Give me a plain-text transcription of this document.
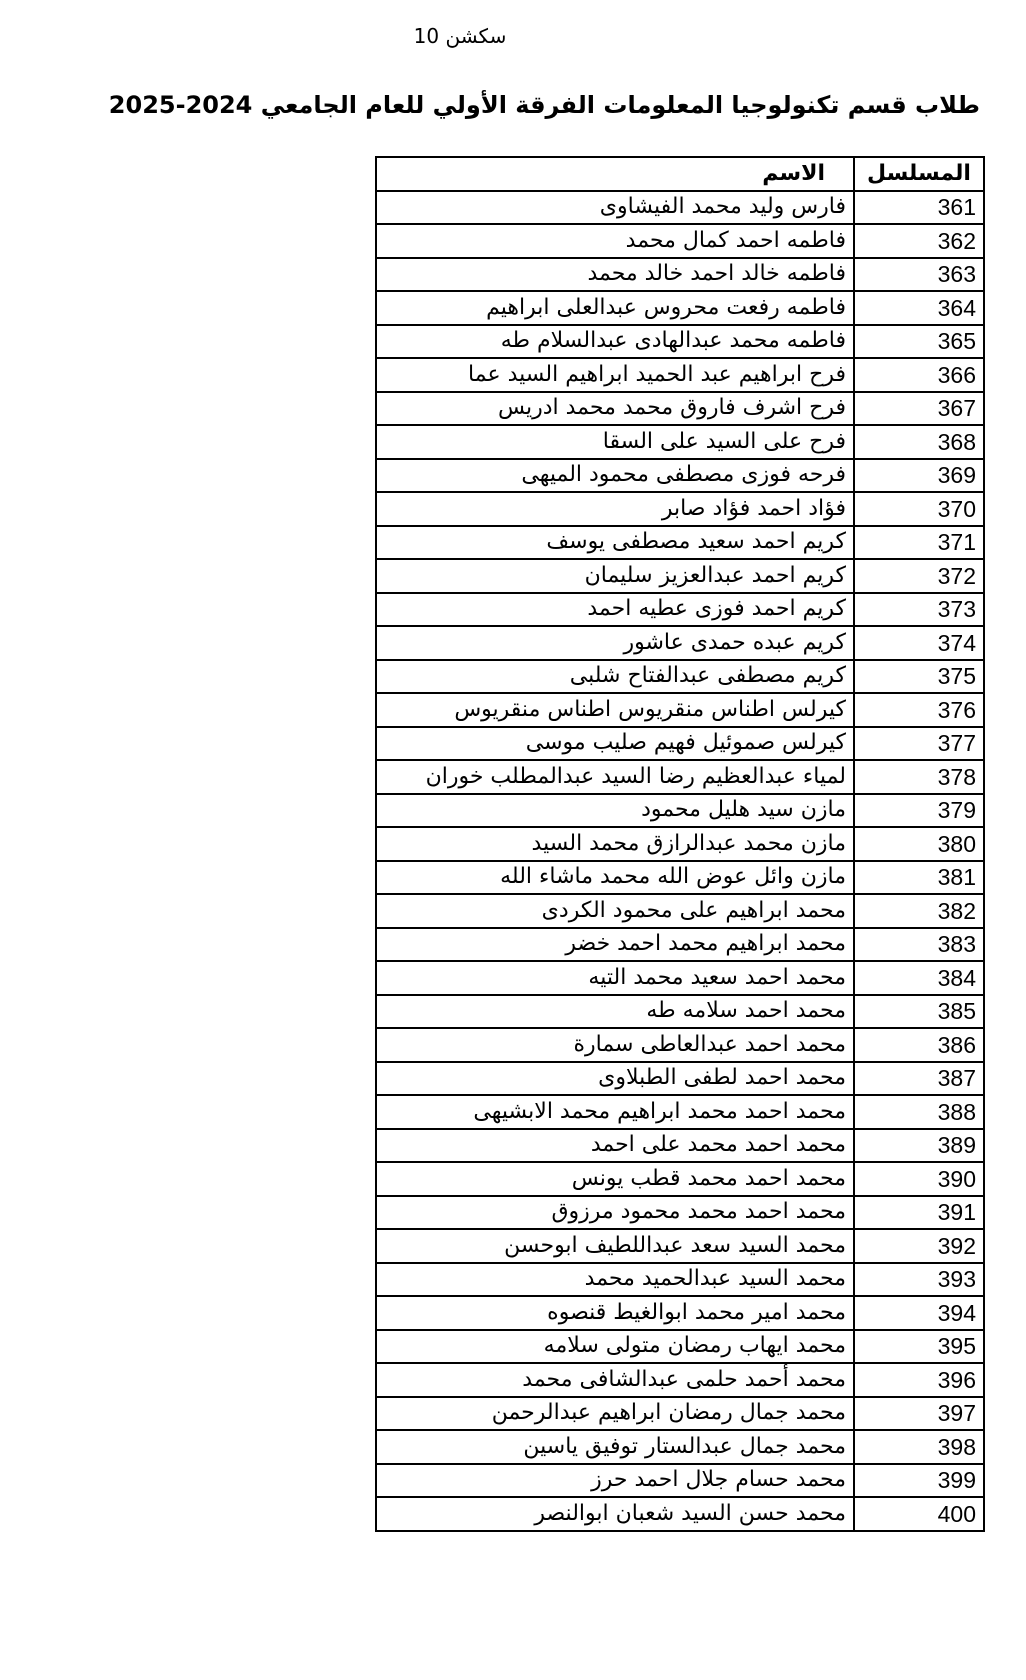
سكشن 10
طلاب قسم تكنولوجيا المعلومات الفرقة الأولي للعام الجامعي 2024-2025
المسلسل	الاسم
361	فارس وليد محمد الفيشاوى
362	فاطمه احمد كمال محمد
363	فاطمه خالد احمد خالد محمد
364	فاطمه رفعت محروس عبدالعلى ابراهيم
365	فاطمه محمد عبدالهادى عبدالسلام طه
366	فرح ابراهيم عبد الحميد ابراهيم السيد عما
367	فرح اشرف فاروق محمد محمد ادريس
368	فرح على السيد على السقا
369	فرحه فوزى مصطفى محمود الميهى
370	فؤاد احمد فؤاد صابر
371	كريم احمد سعيد مصطفى يوسف
372	كريم احمد عبدالعزيز سليمان
373	كريم احمد فوزى عطيه احمد
374	كريم عبده حمدى عاشور
375	كريم مصطفى عبدالفتاح شلبى
376	كيرلس اطناس منقريوس اطناس منقريوس
377	كيرلس صموئيل فهيم صليب موسى
378	لمياء عبدالعظيم رضا السيد عبدالمطلب خوران
379	مازن سيد هليل محمود
380	مازن محمد عبدالرازق محمد السيد
381	مازن وائل عوض الله محمد ماشاء الله
382	محمد ابراهيم على محمود الكردى
383	محمد ابراهيم محمد احمد خضر
384	محمد احمد سعيد محمد التيه
385	محمد احمد سلامه طه
386	محمد احمد عبدالعاطى سمارة
387	محمد احمد لطفى الطبلاوى
388	محمد احمد محمد ابراهيم محمد الابشيهى
389	محمد احمد محمد على احمد
390	محمد احمد محمد قطب يونس
391	محمد احمد محمد محمود مرزوق
392	محمد السيد سعد عبداللطيف ابوحسن
393	محمد السيد عبدالحميد محمد
394	محمد امير محمد ابوالغيط قنصوه
395	محمد ايهاب رمضان متولى سلامه
396	محمد أحمد حلمى عبدالشافى محمد
397	محمد جمال رمضان ابراهيم عبدالرحمن
398	محمد جمال عبدالستار توفيق ياسين
399	محمد حسام جلال احمد حرز
400	محمد حسن السيد شعبان ابوالنصر
